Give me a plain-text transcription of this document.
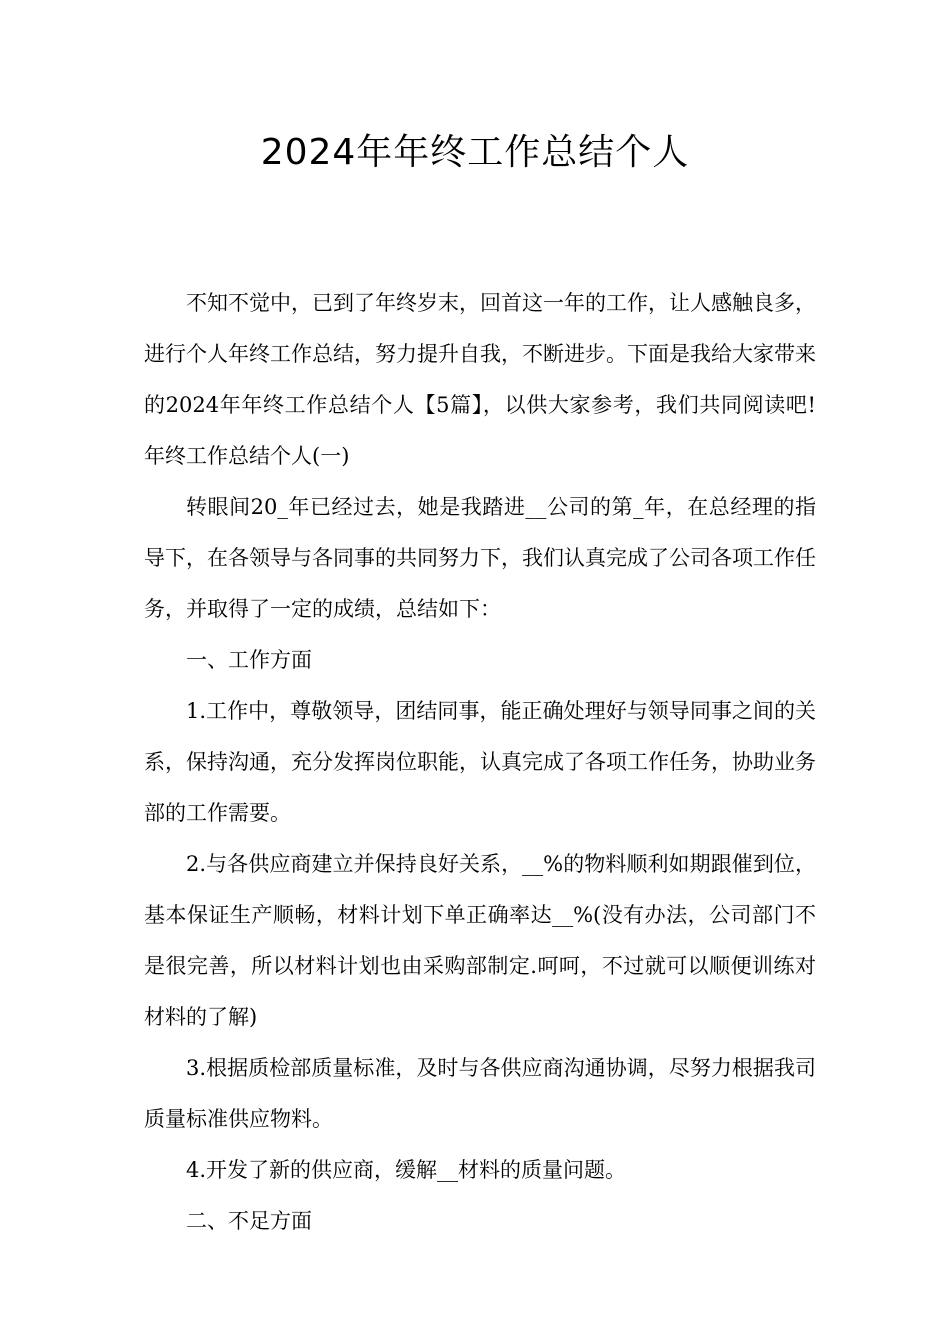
2024年年终工作总结个人

不知不觉中，已到了年终岁末，回首这一年的工作，让人感触良多，进行个人年终工作总结，努力提升自我，不断进步。下面是我给大家带来的2024年年终工作总结个人【5篇】，以供大家参考，我们共同阅读吧!年终工作总结个人(一)

转眼间20_年已经过去，她是我踏进__公司的第_年，在总经理的指导下，在各领导与各同事的共同努力下，我们认真完成了公司各项工作任务，并取得了一定的成绩，总结如下：

一、工作方面

1.工作中，尊敬领导，团结同事，能正确处理好与领导同事之间的关系，保持沟通，充分发挥岗位职能，认真完成了各项工作任务，协助业务部的工作需要。

2.与各供应商建立并保持良好关系，__%的物料顺利如期跟催到位，基本保证生产顺畅，材料计划下单正确率达__%(没有办法，公司部门不是很完善，所以材料计划也由采购部制定.呵呵，不过就可以顺便训练对材料的了解)

3.根据质检部质量标准，及时与各供应商沟通协调，尽努力根据我司质量标准供应物料。

4.开发了新的供应商，缓解__材料的质量问题。

二、不足方面
